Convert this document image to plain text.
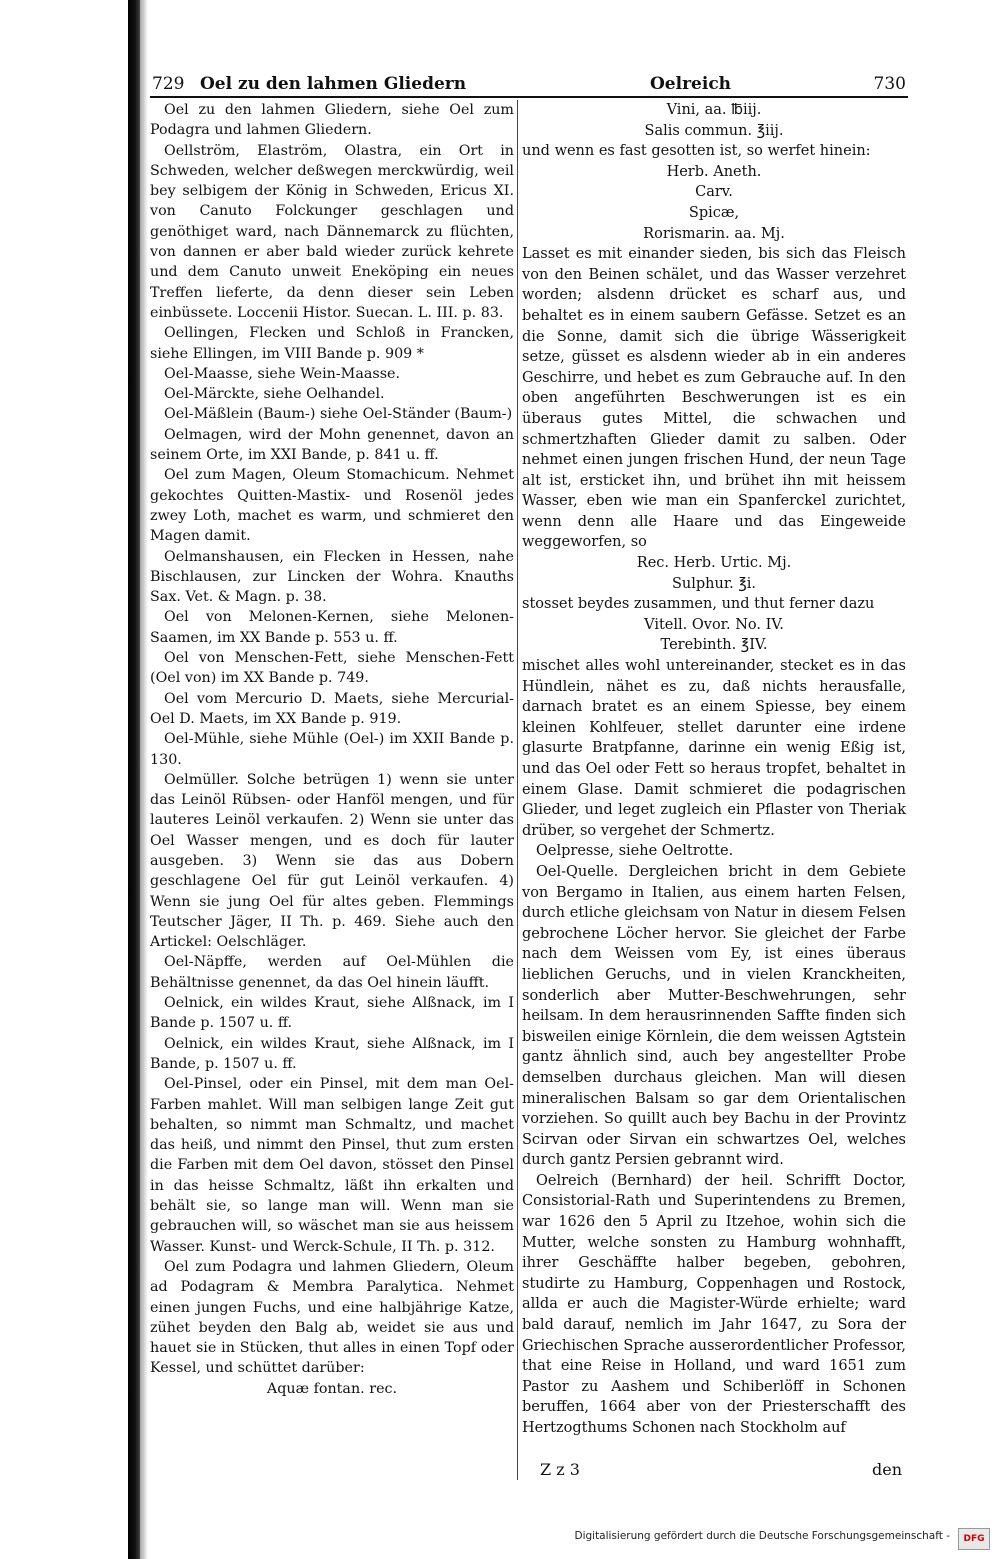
729 Oel zu den lahmen Gliedern	Oelreich	730

Oel zu den lahmen Gliedern, siehe Oel zum Podagra und lahmen Gliedern.

Oellström, Elaström, Olastra, ein Ort in Schweden, welcher deßwegen merckwürdig, weil bey selbigem der König in Schweden, Ericus XI. von Canuto Folckunger geschlagen und genöthiget ward, nach Dännemarck zu flüchten, von dannen er aber bald wieder zurück kehrete und dem Canuto unweit Eneköping ein neues Treffen lieferte, da denn dieser sein Leben einbüssete. Loccenii Histor. Suecan. L. III. p. 83.

Oellingen, Flecken und Schloß in Francken, siehe Ellingen, im VIII Bande p. 909 *

Oel-Maasse, siehe Wein-Maasse.

Oel-Märckte, siehe Oelhandel.

Oel-Mäßlein (Baum-) siehe Oel-Ständer (Baum-)

Oelmagen, wird der Mohn genennet, davon an seinem Orte, im XXI Bande, p. 841 u. ff.

Oel zum Magen, Oleum Stomachicum. Nehmet gekochtes Quitten-Mastix- und Rosenöl jedes zwey Loth, machet es warm, und schmieret den Magen damit.

Oelmanshausen, ein Flecken in Hessen, nahe Bischlausen, zur Lincken der Wohra. Knauths Sax. Vet. & Magn. p. 38.

Oel von Melonen-Kernen, siehe Melonen-Saamen, im XX Bande p. 553 u. ff.

Oel von Menschen-Fett, siehe Menschen-Fett (Oel von) im XX Bande p. 749.

Oel vom Mercurio D. Maets, siehe Mercurial-Oel D. Maets, im XX Bande p. 919.

Oel-Mühle, siehe Mühle (Oel-) im XXII Bande p. 130.

Oelmüller. Solche betrügen 1) wenn sie unter das Leinöl Rübsen- oder Hanföl mengen, und für lauteres Leinöl verkaufen. 2) Wenn sie unter das Oel Wasser mengen, und es doch für lauter ausgeben. 3) Wenn sie das aus Dobern geschlagene Oel für gut Leinöl verkaufen. 4) Wenn sie jung Oel für altes geben. Flemmings Teutscher Jäger, II Th. p. 469. Siehe auch den Artickel: Oelschläger.

Oel-Näpffe, werden auf Oel-Mühlen die Behältnisse genennet, da das Oel hinein läufft.

Oelnick, ein wildes Kraut, siehe Alßnack, im I Bande p. 1507 u. ff.

Oelnick, ein wildes Kraut, siehe Alßnack, im I Bande, p. 1507 u. ff.

Oel-Pinsel, oder ein Pinsel, mit dem man Oel-Farben mahlet. Will man selbigen lange Zeit gut behalten, so nimmt man Schmaltz, und machet das heiß, und nimmt den Pinsel, thut zum ersten die Farben mit dem Oel davon, stösset den Pinsel in das heisse Schmaltz, läßt ihn erkalten und behält sie, so lange man will. Wenn man sie gebrauchen will, so wäschet man sie aus heissem Wasser. Kunst- und Werck-Schule, II Th. p. 312.

Oel zum Podagra und lahmen Gliedern, Oleum ad Podagram & Membra Paralytica. Nehmet einen jungen Fuchs, und eine halbjährige Katze, zühet beyden den Balg ab, weidet sie aus und hauet sie in Stücken, thut alles in einen Topf oder Kessel, und schüttet darüber:

Aquæ fontan. rec.

Vini, aa. ℔iij.

Salis commun. ℥iij.

und wenn es fast gesotten ist, so werfet hinein:

Herb. Aneth.

Carv.

Spicæ,

Rorismarin. aa. Mj.

Lasset es mit einander sieden, bis sich das Fleisch von den Beinen schälet, und das Wasser verzehret worden; alsdenn drücket es scharf aus, und behaltet es in einem saubern Gefässe. Setzet es an die Sonne, damit sich die übrige Wässerigkeit setze, güsset es alsdenn wieder ab in ein anderes Geschirre, und hebet es zum Gebrauche auf. In den oben angeführten Beschwerungen ist es ein überaus gutes Mittel, die schwachen und schmertzhaften Glieder damit zu salben. Oder nehmet einen jungen frischen Hund, der neun Tage alt ist, ersticket ihn, und brühet ihn mit heissem Wasser, eben wie man ein Spanferckel zurichtet, wenn denn alle Haare und das Eingeweide weggeworfen, so

Rec. Herb. Urtic. Mj.

Sulphur. ℥i.

stosset beydes zusammen, und thut ferner dazu

Vitell. Ovor. No. IV.

Terebinth. ℥IV.

mischet alles wohl untereinander, stecket es in das Hündlein, nähet es zu, daß nichts herausfalle, darnach bratet es an einem Spiesse, bey einem kleinen Kohlfeuer, stellet darunter eine irdene glasurte Bratpfanne, darinne ein wenig Eßig ist, und das Oel oder Fett so heraus tropfet, behaltet in einem Glase. Damit schmieret die podagrischen Glieder, und leget zugleich ein Pflaster von Theriak drüber, so vergehet der Schmertz.

Oelpresse, siehe Oeltrotte.

Oel-Quelle. Dergleichen bricht in dem Gebiete von Bergamo in Italien, aus einem harten Felsen, durch etliche gleichsam von Natur in diesem Felsen gebrochene Löcher hervor. Sie gleichet der Farbe nach dem Weissen vom Ey, ist eines überaus lieblichen Geruchs, und in vielen Kranckheiten, sonderlich aber Mutter-Beschwehrungen, sehr heilsam. In dem herausrinnenden Saffte finden sich bisweilen einige Körnlein, die dem weissen Agtstein gantz ähnlich sind, auch bey angestellter Probe demselben durchaus gleichen. Man will diesen mineralischen Balsam so gar dem Orientalischen vorziehen. So quillt auch bey Bachu in der Provintz Scirvan oder Sirvan ein schwartzes Oel, welches durch gantz Persien gebrannt wird.

Oelreich (Bernhard) der heil. Schrifft Doctor, Consistorial-Rath und Superintendens zu Bremen, war 1626 den 5 April zu Itzehoe, wohin sich die Mutter, welche sonsten zu Hamburg wohnhafft, ihrer Geschäffte halber begeben, gebohren, studirte zu Hamburg, Coppenhagen und Rostock, allda er auch die Magister-Würde erhielte; ward bald darauf, nemlich im Jahr 1647, zu Sora der Griechischen Sprache ausserordentlicher Professor, that eine Reise in Holland, und ward 1651 zum Pastor zu Aashem und Schiberlöff in Schonen beruffen, 1664 aber von der Priesterschafft des Hertzogthums Schonen nach Stockholm auf

Z z 3	den
Digitalisierung gefördert durch die Deutsche Forschungsgemeinschaft -	DFG
